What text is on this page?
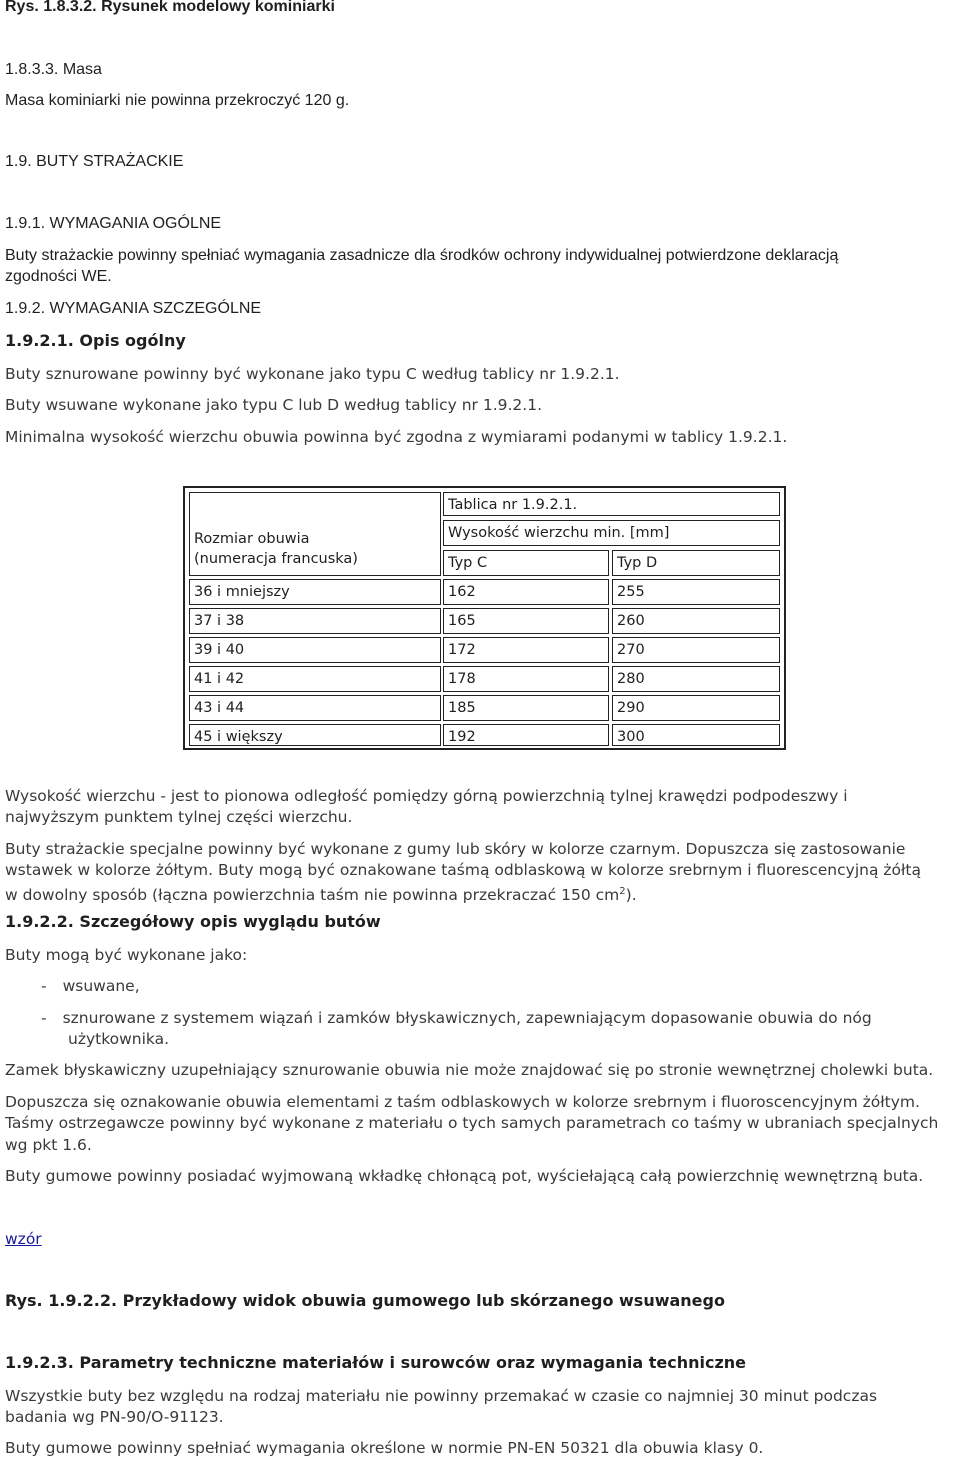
Rys. 1.8.3.2. Rysunek modelowy kominiarki
1.8.3.3. Masa
Masa kominiarki nie powinna przekroczyć 120 g.
1.9. BUTY STRAŻACKIE
1.9.1. WYMAGANIA OGÓLNE
Buty strażackie powinny spełniać wymagania zasadnicze dla środków ochrony indywidualnej potwierdzone deklaracją
zgodności WE.
1.9.2. WYMAGANIA SZCZEGÓLNE
1.9.2.1. Opis ogólny
Buty sznurowane powinny być wykonane jako typu C według tablicy nr 1.9.2.1.
Buty wsuwane wykonane jako typu C lub D według tablicy nr 1.9.2.1.
Minimalna wysokość wierzchu obuwia powinna być zgodna z wymiarami podanymi w tablicy 1.9.2.1.
Rozmiar obuwia
(numeracja francuska)
Tablica nr 1.9.2.1.
Wysokość wierzchu min. [mm]
Typ C	Typ D
36 i mniejszy	162	255
37 i 38	165	260
39 i 40	172	270
41 i 42	178	280
43 i 44	185	290
45 i większy	192	300
Wysokość wierzchu - jest to pionowa odległość pomiędzy górną powierzchnią tylnej krawędzi podpodeszwy i
najwyższym punktem tylnej części wierzchu.
Buty strażackie specjalne powinny być wykonane z gumy lub skóry w kolorze czarnym. Dopuszcza się zastosowanie
wstawek w kolorze żółtym. Buty mogą być oznakowane taśmą odblaskową w kolorze srebrnym i fluorescencyjną żółtą
w dowolny sposób (łączna powierzchnia taśm nie powinna przekraczać 150 $cm^2$).
1.9.2.2. Szczegółowy opis wyglądu butów
Buty mogą być wykonane jako:
- wsuwane,
- sznurowane z systemem wiązań i zamków błyskawicznych, zapewniającym dopasowanie obuwia do nóg
użytkownika.
Zamek błyskawiczny uzupełniający sznurowanie obuwia nie może znajdować się po stronie wewnętrznej cholewki buta.
Dopuszcza się oznakowanie obuwia elementami z taśm odblaskowych w kolorze srebrnym i fluoroscencyjnym żółtym.
Taśmy ostrzegawcze powinny być wykonane z materiału o tych samych parametrach co taśmy w ubraniach specjalnych
wg pkt 1.6.
Buty gumowe powinny posiadać wyjmowaną wkładkę chłonącą pot, wyściełającą całą powierzchnię wewnętrzną buta.
wzór
Rys. 1.9.2.2. Przykładowy widok obuwia gumowego lub skórzanego wsuwanego
1.9.2.3. Parametry techniczne materiałów i surowców oraz wymagania techniczne
Wszystkie buty bez względu na rodzaj materiału nie powinny przemakać w czasie co najmniej 30 minut podczas
badania wg PN-90/O-91123.
Buty gumowe powinny spełniać wymagania określone w normie PN-EN 50321 dla obuwia klasy 0.
